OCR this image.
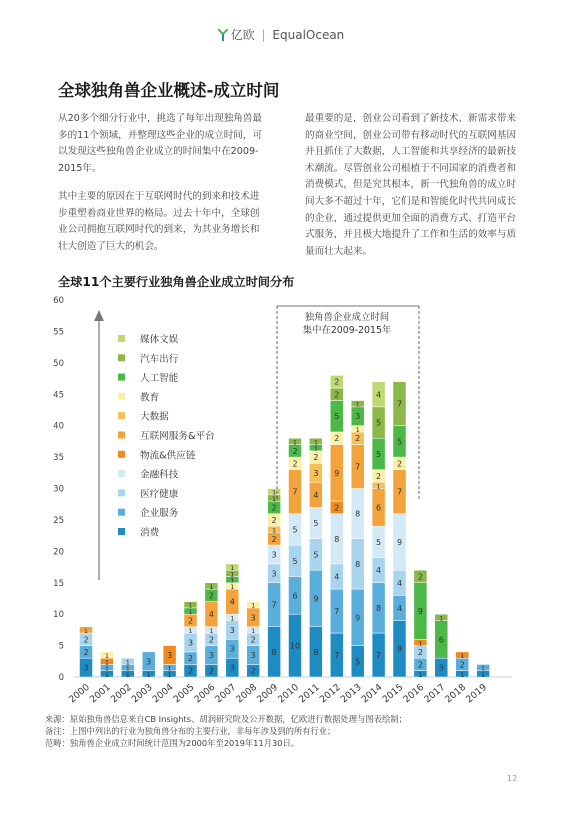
亿欧 | EqualOcean
全球独角兽企业概述-成立时间

从20多个细分行业中，挑选了每年出现独角兽最多的11个领域，并整理这些企业的成立时间，可以发现这些独角兽企业成立的时间集中在2009-2015年。

其中主要的原因在于互联网时代的到来和技术进步重塑着商业世界的格局。过去十年中，全球创业公司拥抱互联网时代的到来，为其业务增长和壮大创造了巨大的机会。

最重要的是，创业公司看到了新技术、新需求带来的商业空间，创业公司带有移动时代的互联网基因并且抓住了大数据，人工智能和共享经济的最新技术潮流。尽管创业公司根植于不同国家的消费者和消费模式，但是究其根本，新一代独角兽的成立时间大多不超过十年，它们是和智能化时代共同成长的企业，通过提供更加全面的消费方式、打造平台式服务，并且极大地提升了工作和生活的效率与质量而壮大起来。

全球11个主要行业独角兽企业成立时间分布
0
5
10
15
20
25
30
35
40
45
50
55
60
媒体文娱
汽车出行
人工智能
教育
大数据
互联网服务&平台
物流&供应链
金融科技
医疗健康
企业服务
消费
3
2
2
1
1
1
1
1
1
1
1
1
3
1
1
3
2
2
3
1
2
1
1
2
3
2
1
4
2
1
3
3
3
1
4
1
1
1
1
2
3
2
1
3
1
8
7
3
3
2
1
2
2
1
1
10
6
5
5
7
2
2
1
8
9
5
5
4
3
2
1
1
7
7
4
8
2
9
2
5
2
2
5
9
8
8
7
2
1
3
1
7
8
4
5
6
1
2
5
5
4
9
4
4
9
7
2
5
7
1
2
2
1
9
2
3
6
1
1
2
1
1
1
2000
2001
2002
2003
2004
2005
2006
2007
2008
2009
2010
2011
2012
2013
2014
2015
2016
2017
2018
2019
独角兽企业成立时间
集中在2009-2015年
来源：原始独角兽信息来自CB Insights、胡润研究院及公开数据，亿欧进行数据处理与图表绘制；
备注：上图中列出的行业为独角兽分布的主要行业，非每年涉及到的所有行业；
范畴：独角兽企业成立时间统计范围为2000年至2019年11月30日。
12
